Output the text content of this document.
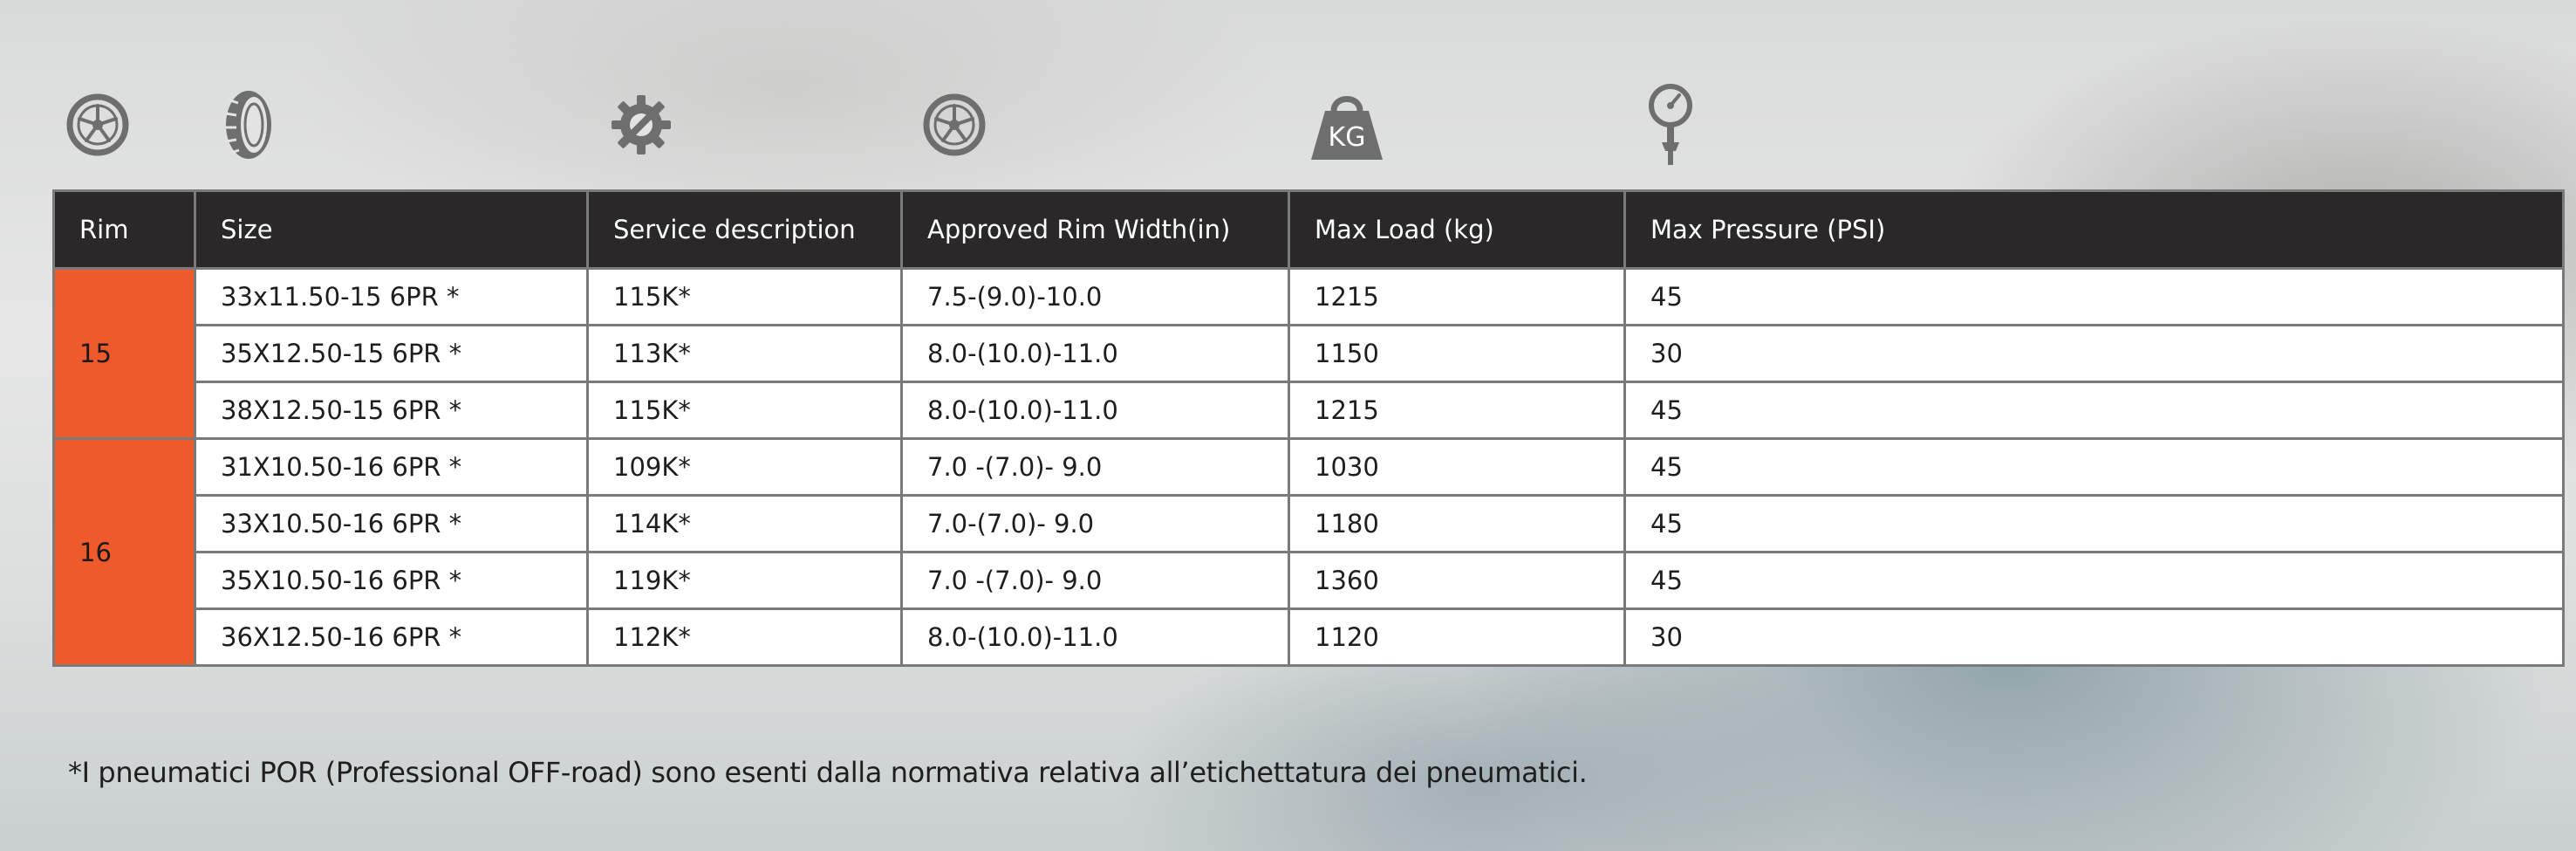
KG
Rim	Size	Service description	Approved Rim Width(in)	Max Load (kg)	Max Pressure (PSI)
15	33x11.50-15 6PR *	115K*	7.5-(9.0)-10.0	1215	45
	35X12.50-15 6PR *	113K*	8.0-(10.0)-11.0	1150	30
	38X12.50-15 6PR *	115K*	8.0-(10.0)-11.0	1215	45
16	31X10.50-16 6PR *	109K*	7.0 -(7.0)- 9.0	1030	45
	33X10.50-16 6PR *	114K*	7.0-(7.0)- 9.0	1180	45
	35X10.50-16 6PR *	119K*	7.0 -(7.0)- 9.0	1360	45
	36X12.50-16 6PR *	112K*	8.0-(10.0)-11.0	1120	30
*I pneumatici POR (Professional OFF-road) sono esenti dalla normativa relativa all’etichettatura dei pneumatici.
